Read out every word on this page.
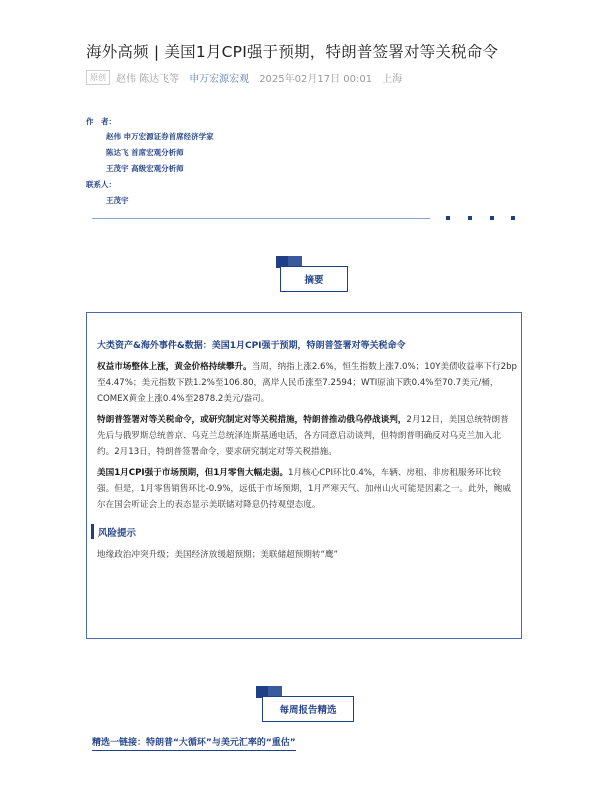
海外高频 | 美国1月CPI强于预期，特朗普签署对等关税命令
原创	赵伟 陈达飞等 申万宏源宏观 2025年02月17日 00:01 上海
作　者：
赵伟 申万宏源证券首席经济学家
陈达飞 首席宏观分析师
王茂宇 高级宏观分析师
联系人：
王茂宇
摘要
大类资产&海外事件&数据：美国1月CPI强于预期，特朗普签署对等关税命令
权益市场整体上涨，黄金价格持续攀升。当周，纳指上涨2.6%，恒生指数上涨7.0%；10Y美债收益率下行2bp至4.47%；美元指数下跌1.2%至106.80，离岸人民币涨至7.2594；WTI原油下跌0.4%至70.7美元/桶，COMEX黄金上涨0.4%至2878.2美元/盎司。
特朗普签署对等关税命令，或研究制定对等关税措施，特朗普推动俄乌停战谈判，2月12日，美国总统特朗普先后与俄罗斯总统普京、乌克兰总统泽连斯基通电话，各方同意启动谈判，但特朗普明确反对乌克兰加入北约。2月13日，特朗普签署命令，要求研究制定对等关税措施。
美国1月CPI强于市场预期，但1月零售大幅走弱。1月核心CPI环比0.4%，车辆、房租、非房租服务环比较强。但是，1月零售销售环比-0.9%，远低于市场预期，1月严寒天气、加州山火可能是因素之一。此外，鲍威尔在国会听证会上的表态显示美联储对降息仍持观望态度。
风险提示
地缘政治冲突升级；美国经济放缓超预期；美联储超预期转“鹰”
每周报告精选
精选一链接：特朗普“大循环”与美元汇率的“重估”
